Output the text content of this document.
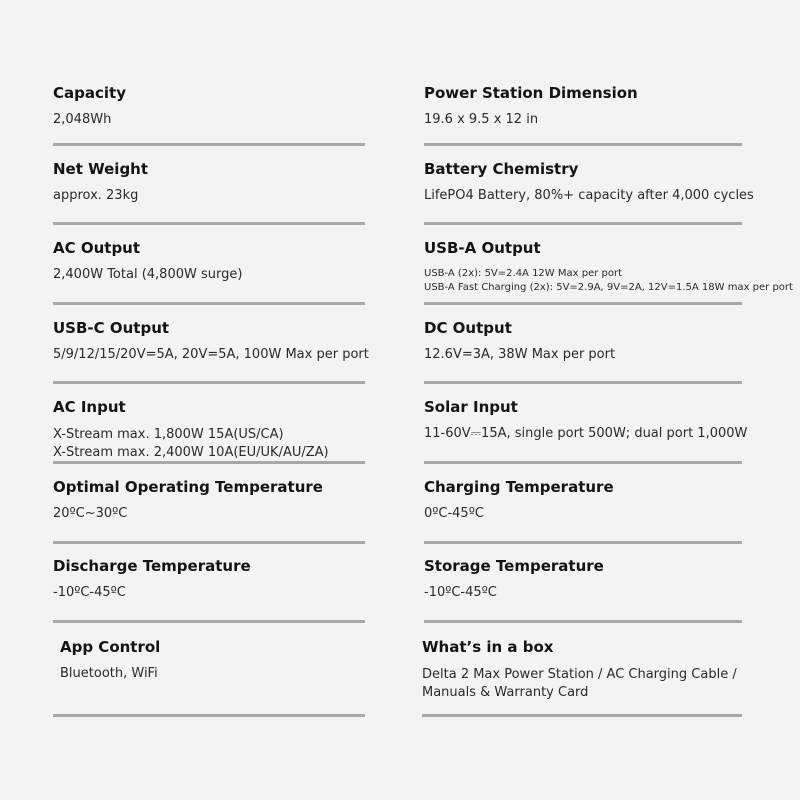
Capacity
2,048Wh
Power Station Dimension
19.6 x 9.5 x 12 in
Net Weight
approx. 23kg
Battery Chemistry
LifePO4 Battery, 80%+ capacity after 4,000 cycles
AC Output
2,400W Total (4,800W surge)
USB-A Output
USB-A (2x): 5V=2.4A 12W Max per port
USB-A Fast Charging (2x): 5V=2.9A, 9V=2A, 12V=1.5A 18W max per port
USB-C Output
5/9/12/15/20V=5A, 20V=5A, 100W Max per port
DC Output
12.6V=3A, 38W Max per port
AC Input
X-Stream max. 1,800W 15A(US/CA)
X-Stream max. 2,400W 10A(EU/UK/AU/ZA)
Solar Input
11-60V⎓15A, single port 500W; dual port 1,000W
Optimal Operating Temperature
20ºC~30ºC
Charging Temperature
0ºC-45ºC
Discharge Temperature
-10ºC-45ºC
Storage Temperature
-10ºC-45ºC
App Control
Bluetooth, WiFi
What’s in a box
Delta 2 Max Power Station / AC Charging Cable /
Manuals & Warranty Card
